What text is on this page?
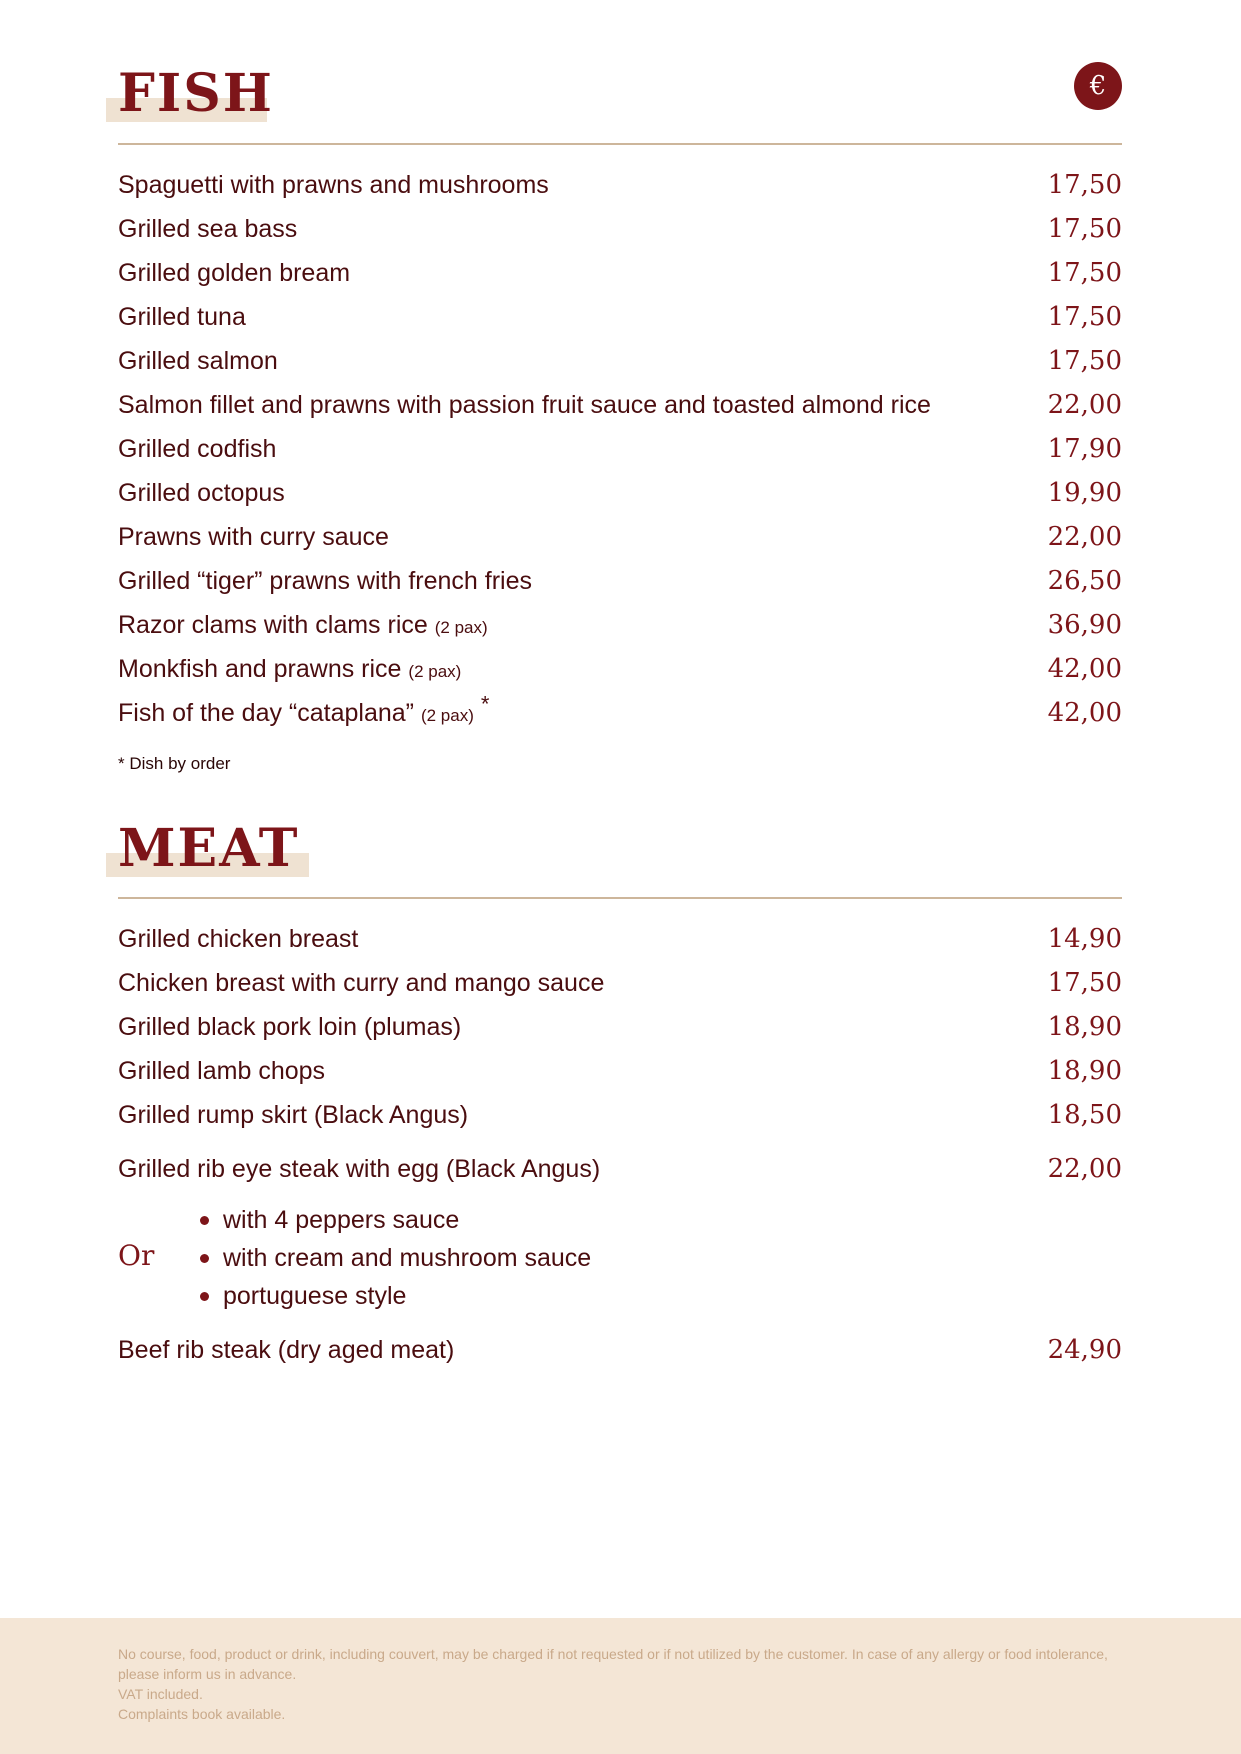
FISH	€
Spaguetti with prawns and mushrooms	17,50
Grilled sea bass	17,50
Grilled golden bream	17,50
Grilled tuna	17,50
Grilled salmon	17,50
Salmon fillet and prawns with passion fruit sauce and toasted almond rice	22,00
Grilled codfish	17,90
Grilled octopus	19,90
Prawns with curry sauce	22,00
Grilled “tiger” prawns with french fries	26,50
Razor clams with clams rice (2 pax)	36,90
Monkfish and prawns rice (2 pax)	42,00
Fish of the day “cataplana” (2 pax) *	42,00
* Dish by order
MEAT
Grilled chicken breast	14,90
Chicken breast with curry and mango sauce	17,50
Grilled black pork loin (plumas)	18,90
Grilled lamb chops	18,90
Grilled rump skirt (Black Angus)	18,50
Grilled rib eye steak with egg (Black Angus)	22,00
Or
with 4 peppers sauce
with cream and mushroom sauce
portuguese style
Beef rib steak (dry aged meat)	24,90
No course, food, product or drink, including couvert, may be charged if not requested or if not utilized by the customer. In case of any allergy or food intolerance, please inform us in advance.
VAT included.
Complaints book available.
